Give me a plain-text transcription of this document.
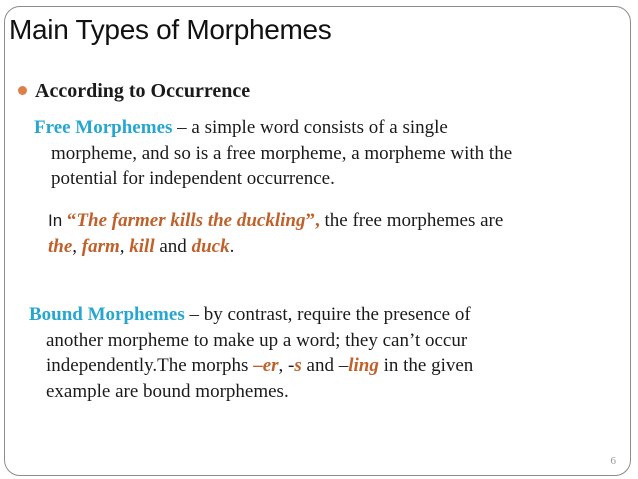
Main Types of Morphemes
According to Occurrence
Free Morphemes – a simple word consists of a single
morpheme, and so is a free morpheme, a morpheme with the
potential for independent occurrence.
In “The farmer kills the duckling”, the free morphemes are
the, farm, kill and duck.
Bound Morphemes – by contrast, require the presence of
another morpheme to make up a word; they can’t occur
independently.The morphs –er, -s and –ling in the given
example are bound morphemes.
6
